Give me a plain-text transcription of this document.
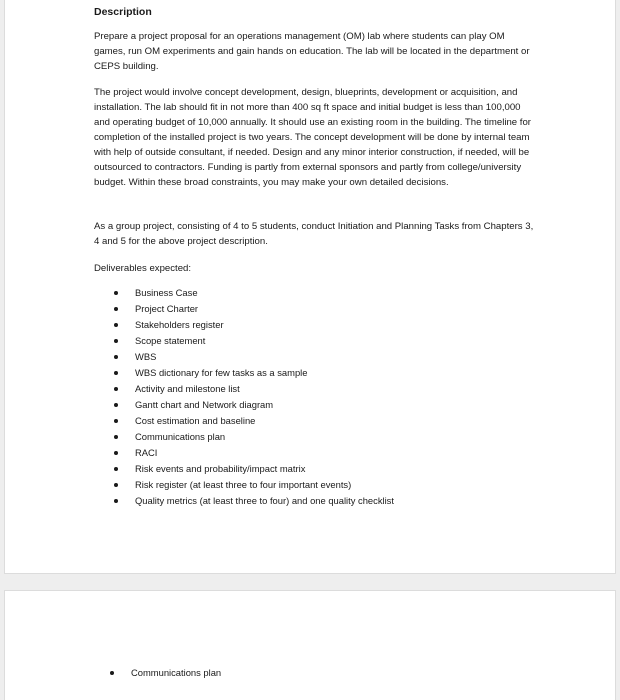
Description

Prepare a project proposal for an operations management (OM) lab where students can play OM games, run OM experiments and gain hands on education. The lab will be located in the department or CEPS building.

The project would involve concept development, design, blueprints, development or acquisition, and installation. The lab should fit in not more than 400 sq ft space and initial budget is less than 100,000 and operating budget of 10,000 annually. It should use an existing room in the building. The timeline for completion of the installed project is two years. The concept development will be done by internal team with help of outside consultant, if needed. Design and any minor interior construction, if needed, will be outsourced to contractors. Funding is partly from external sponsors and partly from college/university budget. Within these broad constraints, you may make your own detailed decisions.

As a group project, consisting of 4 to 5 students, conduct Initiation and Planning Tasks from Chapters 3, 4 and 5 for the above project description.

Deliverables expected:

Business Case
Project Charter
Stakeholders register
Scope statement
WBS
WBS dictionary for few tasks as a sample
Activity and milestone list
Gantt chart and Network diagram
Cost estimation and baseline
Communications plan
RACI
Risk events and probability/impact matrix
Risk register (at least three to four important events)
Quality metrics (at least three to four) and one quality checklist
Communications plan
